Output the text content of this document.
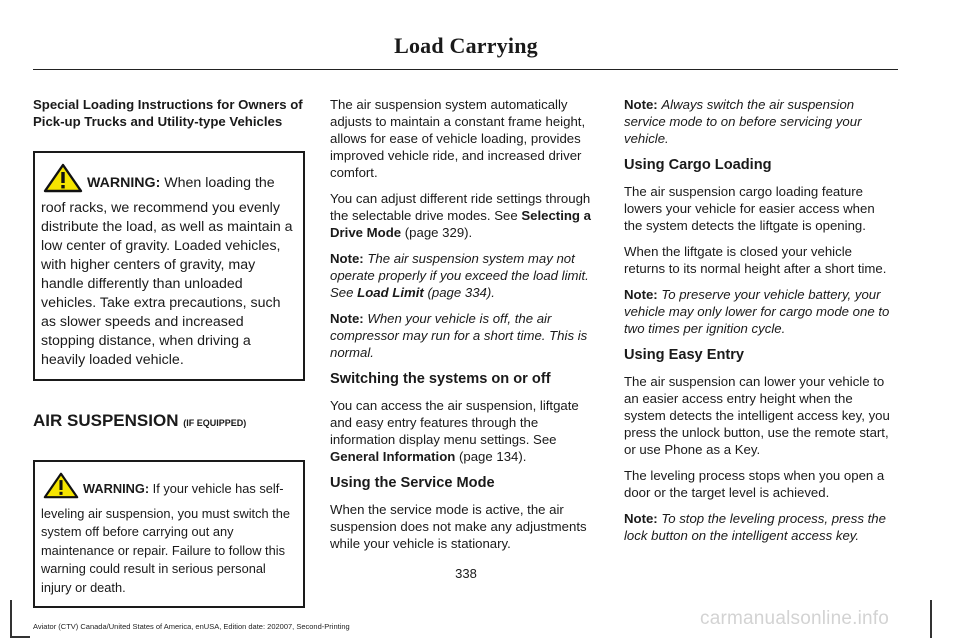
Load Carrying

Special Loading Instructions for Owners of Pick-up Trucks and Utility-type Vehicles

WARNING: When loading the roof racks, we recommend you evenly distribute the load, as well as maintain a low center of gravity. Loaded vehicles, with higher centers of gravity, may handle differently than unloaded vehicles. Take extra precautions, such as slower speeds and increased stopping distance, when driving a heavily loaded vehicle.
AIR SUSPENSION (IF EQUIPPED)
WARNING: If your vehicle has self-leveling air suspension, you must switch the system off before carrying out any maintenance or repair. Failure to follow this warning could result in serious personal injury or death.

The air suspension system automatically adjusts to maintain a constant frame height, allows for ease of vehicle loading, provides improved vehicle ride, and increased driver comfort.

You can adjust different ride settings through the selectable drive modes. See Selecting a Drive Mode (page 329).

Note: The air suspension system may not operate properly if you exceed the load limit. See Load Limit (page 334).

Note: When your vehicle is off, the air compressor may run for a short time. This is normal.

Switching the systems on or off

You can access the air suspension, liftgate and easy entry features through the information display menu settings. See General Information (page 134).

Using the Service Mode

When the service mode is active, the air suspension does not make any adjustments while your vehicle is stationary.

Note: Always switch the air suspension service mode to on before servicing your vehicle.

Using Cargo Loading

The air suspension cargo loading feature lowers your vehicle for easier access when the system detects the liftgate is opening.

When the liftgate is closed your vehicle returns to its normal height after a short time.

Note: To preserve your vehicle battery, your vehicle may only lower for cargo mode one to two times per ignition cycle.

Using Easy Entry

The air suspension can lower your vehicle to an easier access entry height when the system detects the intelligent access key, you press the unlock button, use the remote start, or use Phone as a Key.

The leveling process stops when you open a door or the target level is achieved.

Note: To stop the leveling process, press the lock button on the intelligent access key.

338
Aviator (CTV) Canada/United States of America, enUSA, Edition date: 202007, Second-Printing	carmanualsonline.info
